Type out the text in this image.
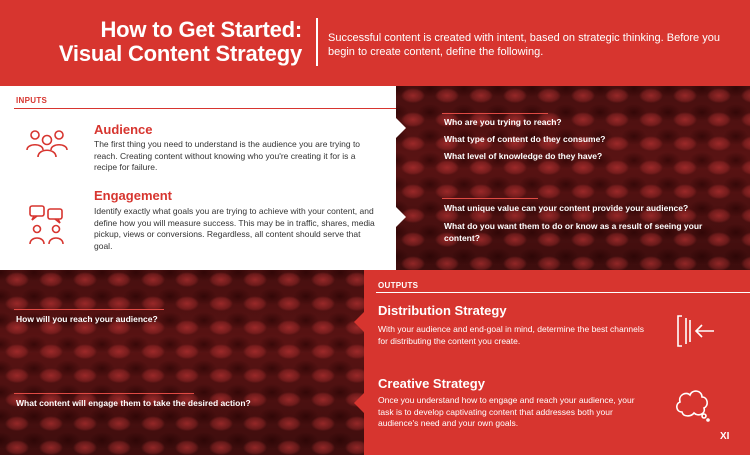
How to Get Started:
Visual Content Strategy
Successful content is created with intent, based on strategic thinking. Before you begin to create content, define the following.
INPUTS
Audience
The first thing you need to understand is the audience you are trying to reach. Creating content without knowing who you're creating it for is a recipe for failure.
Engagement
Identify exactly what goals you are trying to achieve with your content, and define how you will measure success. This may be in traffic, shares, media pickup, views or conversions. Regardless, all content should serve that goal.
Who are you trying to reach?
What type of content do they consume?
What level of knowledge do they have?
What unique value can your content provide your audience?
What do you want them to do or know as a result of seeing your content?
How will you reach your audience?
What content will engage them to take the desired action?
OUTPUTS
Distribution Strategy
With your audience and end-goal in mind, determine the best channels for distributing the content you create.
Creative Strategy
Once you understand how to engage and reach your audience, your task is to develop captivating content that addresses both your audience's need and your own goals.
XI
